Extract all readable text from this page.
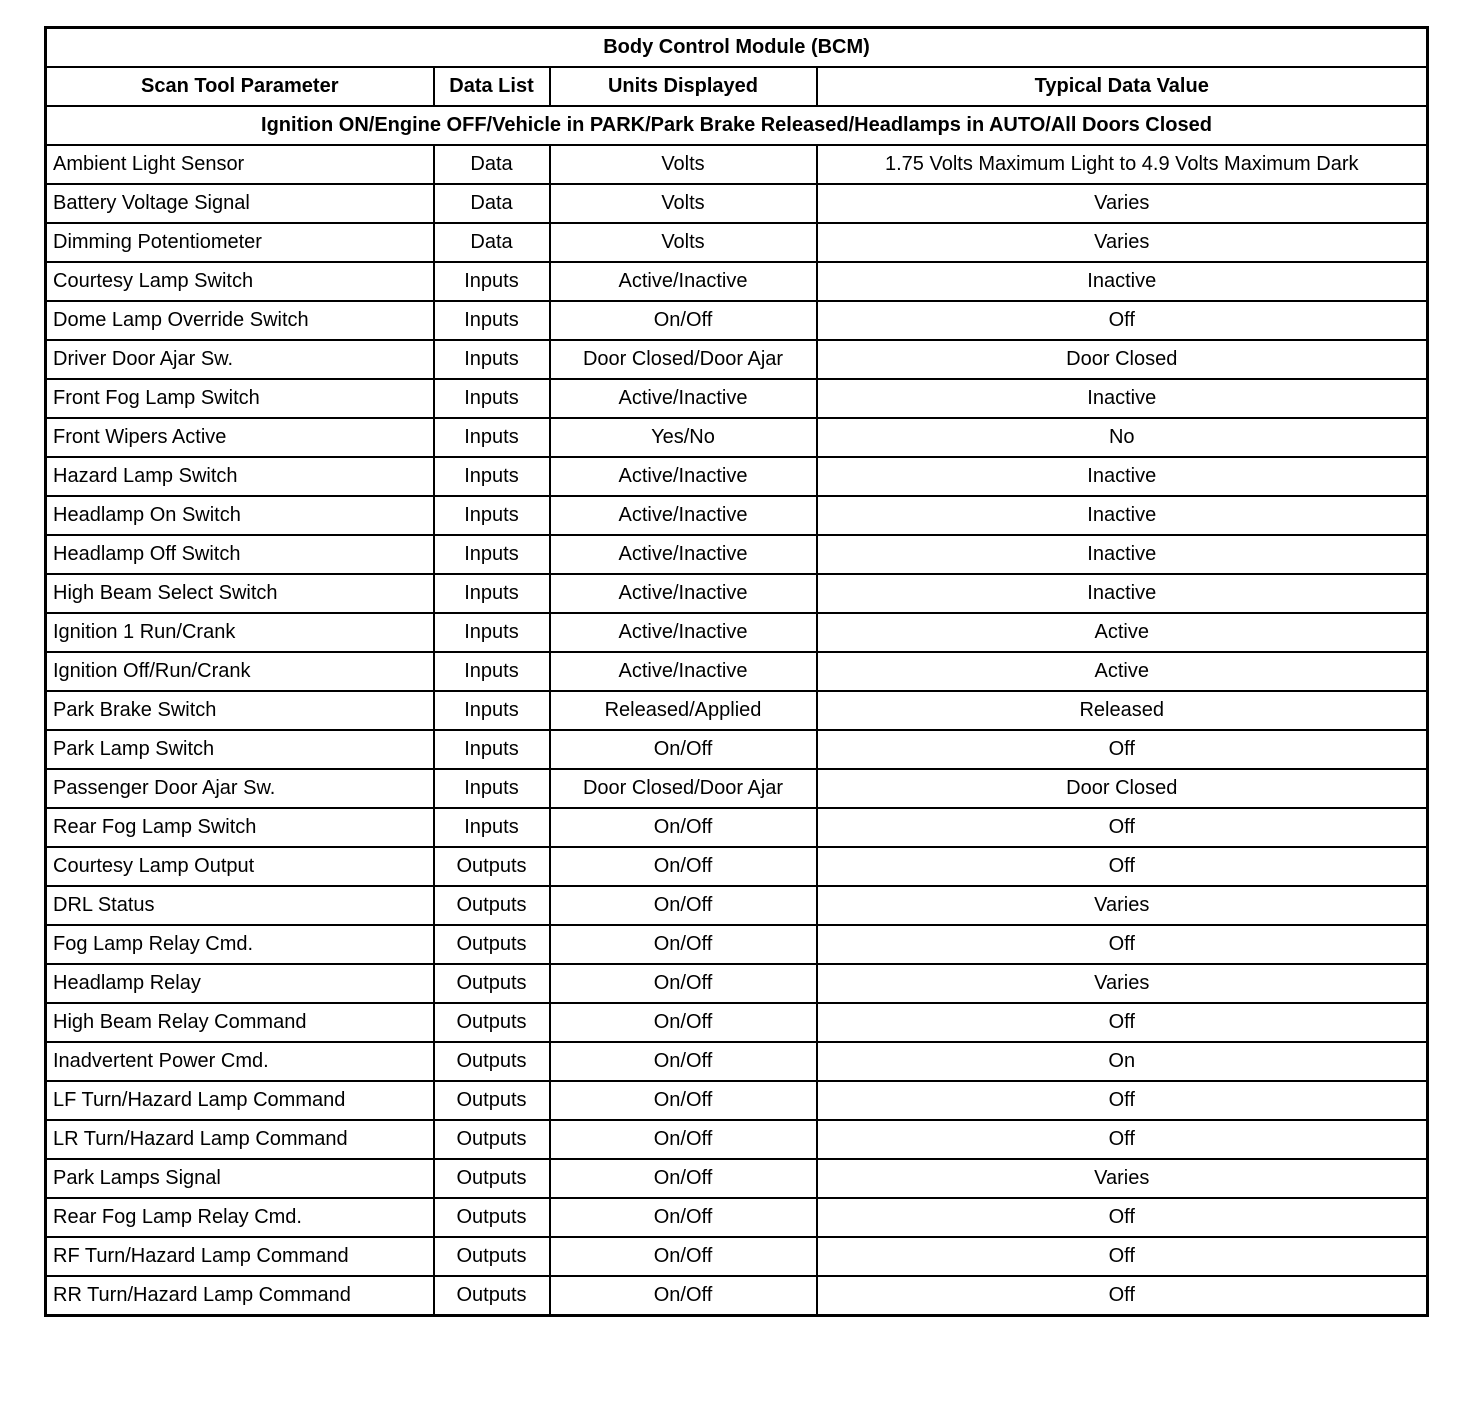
Body Control Module (BCM)			
Scan Tool Parameter	Data List	Units Displayed	Typical Data Value
Ignition ON/Engine OFF/Vehicle in PARK/Park Brake Released/Headlamps in AUTO/All Doors Closed			
Ambient Light Sensor	Data	Volts	1.75 Volts Maximum Light to 4.9 Volts Maximum Dark
Battery Voltage Signal	Data	Volts	Varies
Dimming Potentiometer	Data	Volts	Varies
Courtesy Lamp Switch	Inputs	Active/Inactive	Inactive
Dome Lamp Override Switch	Inputs	On/Off	Off
Driver Door Ajar Sw.	Inputs	Door Closed/Door Ajar	Door Closed
Front Fog Lamp Switch	Inputs	Active/Inactive	Inactive
Front Wipers Active	Inputs	Yes/No	No
Hazard Lamp Switch	Inputs	Active/Inactive	Inactive
Headlamp On Switch	Inputs	Active/Inactive	Inactive
Headlamp Off Switch	Inputs	Active/Inactive	Inactive
High Beam Select Switch	Inputs	Active/Inactive	Inactive
Ignition 1 Run/Crank	Inputs	Active/Inactive	Active
Ignition Off/Run/Crank	Inputs	Active/Inactive	Active
Park Brake Switch	Inputs	Released/Applied	Released
Park Lamp Switch	Inputs	On/Off	Off
Passenger Door Ajar Sw.	Inputs	Door Closed/Door Ajar	Door Closed
Rear Fog Lamp Switch	Inputs	On/Off	Off
Courtesy Lamp Output	Outputs	On/Off	Off
DRL Status	Outputs	On/Off	Varies
Fog Lamp Relay Cmd.	Outputs	On/Off	Off
Headlamp Relay	Outputs	On/Off	Varies
High Beam Relay Command	Outputs	On/Off	Off
Inadvertent Power Cmd.	Outputs	On/Off	On
LF Turn/Hazard Lamp Command	Outputs	On/Off	Off
LR Turn/Hazard Lamp Command	Outputs	On/Off	Off
Park Lamps Signal	Outputs	On/Off	Varies
Rear Fog Lamp Relay Cmd.	Outputs	On/Off	Off
RF Turn/Hazard Lamp Command	Outputs	On/Off	Off
RR Turn/Hazard Lamp Command	Outputs	On/Off	Off
